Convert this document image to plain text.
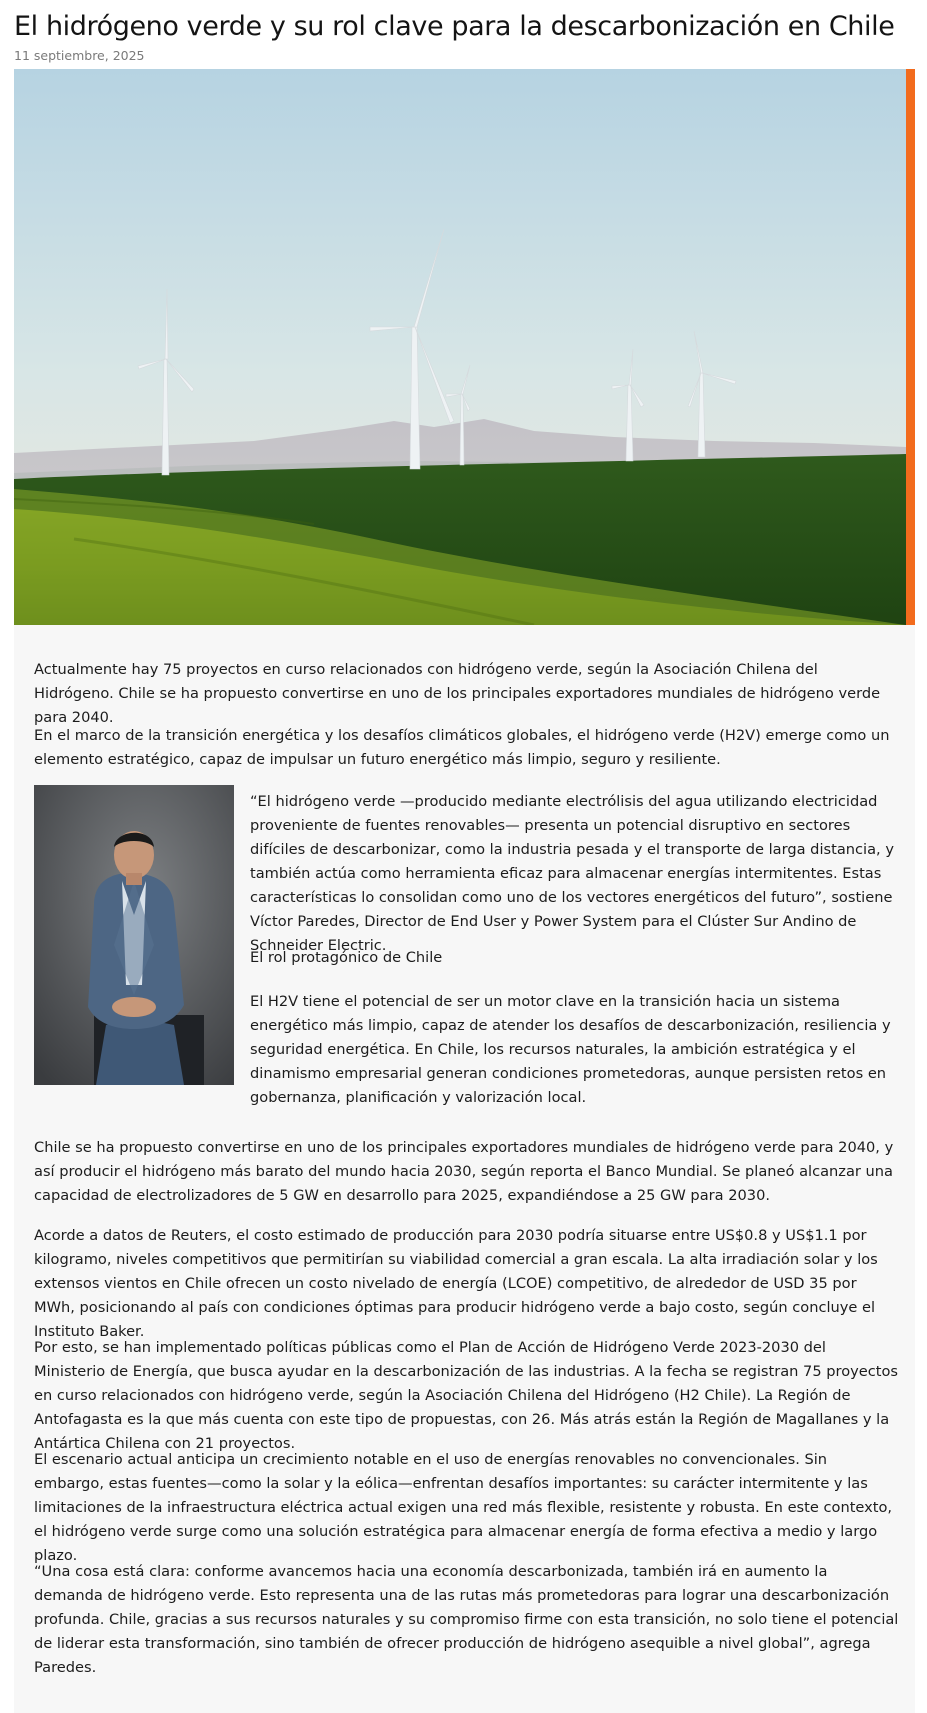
El hidrógeno verde y su rol clave para la descarbonización en Chile
11 septiembre, 2025

Actualmente hay 75 proyectos en curso relacionados con hidrógeno verde, según la Asociación Chilena del Hidrógeno. Chile se ha propuesto convertirse en uno de los principales exportadores mundiales de hidrógeno verde para 2040.

En el marco de la transición energética y los desafíos climáticos globales, el hidrógeno verde (H2V) emerge como un elemento estratégico, capaz de impulsar un futuro energético más limpio, seguro y resiliente.

“El hidrógeno verde —producido mediante electrólisis del agua utilizando electricidad proveniente de fuentes renovables— presenta un potencial disruptivo en sectores difíciles de descarbonizar, como la industria pesada y el transporte de larga distancia, y también actúa como herramienta eficaz para almacenar energías intermitentes. Estas características lo consolidan como uno de los vectores energéticos del futuro”, sostiene Víctor Paredes, Director de End User y Power System para el Clúster Sur Andino de Schneider Electric.

El rol protagónico de Chile

El H2V tiene el potencial de ser un motor clave en la transición hacia un sistema energético más limpio, capaz de atender los desafíos de descarbonización, resiliencia y seguridad energética. En Chile, los recursos naturales, la ambición estratégica y el dinamismo empresarial generan condiciones prometedoras, aunque persisten retos en gobernanza, planificación y valorización local.

Chile se ha propuesto convertirse en uno de los principales exportadores mundiales de hidrógeno verde para 2040, y así producir el hidrógeno más barato del mundo hacia 2030, según reporta el Banco Mundial. Se planeó alcanzar una capacidad de electrolizadores de 5 GW en desarrollo para 2025, expandiéndose a 25 GW para 2030.

Acorde a datos de Reuters, el costo estimado de producción para 2030 podría situarse entre US$0.8 y US$1.1 por kilogramo, niveles competitivos que permitirían su viabilidad comercial a gran escala. La alta irradiación solar y los extensos vientos en Chile ofrecen un costo nivelado de energía (LCOE) competitivo, de alrededor de USD 35 por MWh, posicionando al país con condiciones óptimas para producir hidrógeno verde a bajo costo, según concluye el Instituto Baker.

Por esto, se han implementado políticas públicas como el Plan de Acción de Hidrógeno Verde 2023-2030 del Ministerio de Energía, que busca ayudar en la descarbonización de las industrias. A la fecha se registran 75 proyectos en curso relacionados con hidrógeno verde, según la Asociación Chilena del Hidrógeno (H2 Chile). La Región de Antofagasta es la que más cuenta con este tipo de propuestas, con 26. Más atrás están la Región de Magallanes y la Antártica Chilena con 21 proyectos.

El escenario actual anticipa un crecimiento notable en el uso de energías renovables no convencionales. Sin embargo, estas fuentes—como la solar y la eólica—enfrentan desafíos importantes: su carácter intermitente y las limitaciones de la infraestructura eléctrica actual exigen una red más flexible, resistente y robusta. En este contexto, el hidrógeno verde surge como una solución estratégica para almacenar energía de forma efectiva a medio y largo plazo.

“Una cosa está clara: conforme avancemos hacia una economía descarbonizada, también irá en aumento la demanda de hidrógeno verde. Esto representa una de las rutas más prometedoras para lograr una descarbonización profunda. Chile, gracias a sus recursos naturales y su compromiso firme con esta transición, no solo tiene el potencial de liderar esta transformación, sino también de ofrecer producción de hidrógeno asequible a nivel global”, agrega Paredes.
